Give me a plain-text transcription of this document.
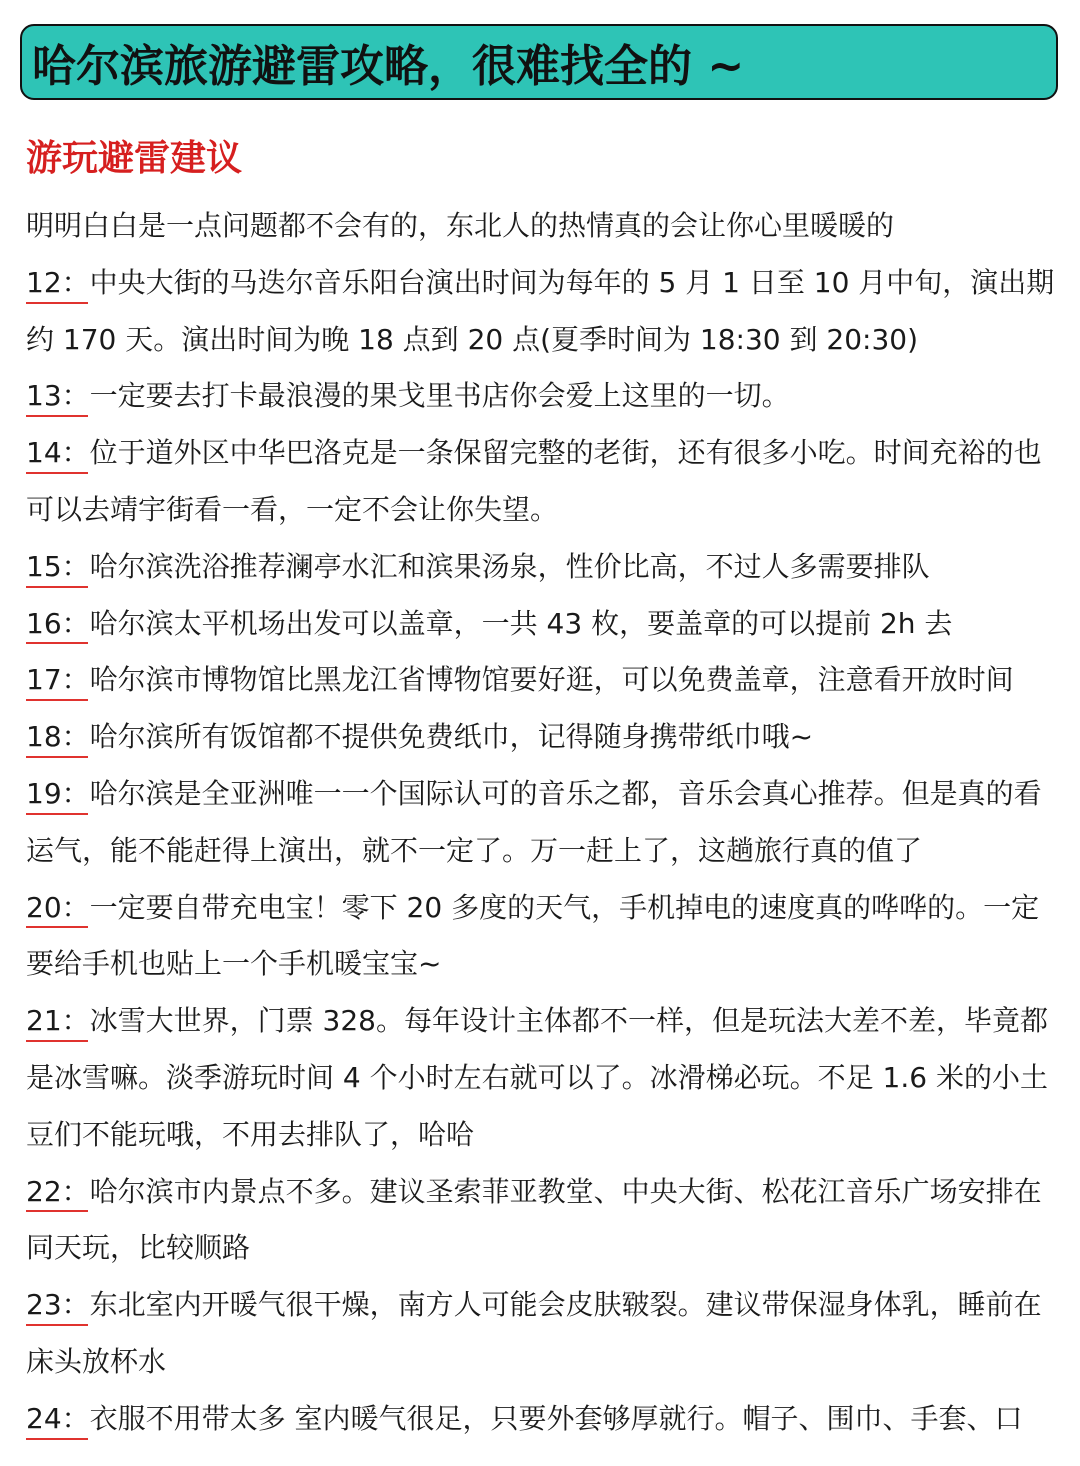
哈尔滨旅游避雷攻略，很难找全的 ~
游玩避雷建议

明明白白是一点问题都不会有的，东北人的热情真的会让你心里暖暖的

12：中央大街的马迭尔音乐阳台演出时间为每年的 5 月 1 日至 10 月中旬，演出期约 170 天。演出时间为晚 18 点到 20 点(夏季时间为 18:30 到 20:30)

13：一定要去打卡最浪漫的果戈里书店你会爱上这里的一切。

14：位于道外区中华巴洛克是一条保留完整的老街，还有很多小吃。时间充裕的也可以去靖宇街看一看，一定不会让你失望。

15：哈尔滨洗浴推荐澜亭水汇和滨果汤泉，性价比高，不过人多需要排队

16：哈尔滨太平机场出发可以盖章，一共 43 枚，要盖章的可以提前 2h 去

17：哈尔滨市博物馆比黑龙江省博物馆要好逛，可以免费盖章，注意看开放时间

18：哈尔滨所有饭馆都不提供免费纸巾，记得随身携带纸巾哦~

19：哈尔滨是全亚洲唯一一个国际认可的音乐之都，音乐会真心推荐。但是真的看运气，能不能赶得上演出，就不一定了。万一赶上了，这趟旅行真的值了

20：一定要自带充电宝！零下 20 多度的天气，手机掉电的速度真的哗哗的。一定要给手机也贴上一个手机暖宝宝~

21：冰雪大世界，门票 328。每年设计主体都不一样，但是玩法大差不差，毕竟都是冰雪嘛。淡季游玩时间 4 个小时左右就可以了。冰滑梯必玩。不足 1.6 米的小土豆们不能玩哦，不用去排队了，哈哈

22：哈尔滨市内景点不多。建议圣索菲亚教堂、中央大街、松花江音乐广场安排在同天玩，比较顺路

23：东北室内开暖气很干燥，南方人可能会皮肤皲裂。建议带保湿身体乳，睡前在床头放杯水

24：衣服不用带太多 室内暖气很足，只要外套够厚就行。帽子、围巾、手套、口
